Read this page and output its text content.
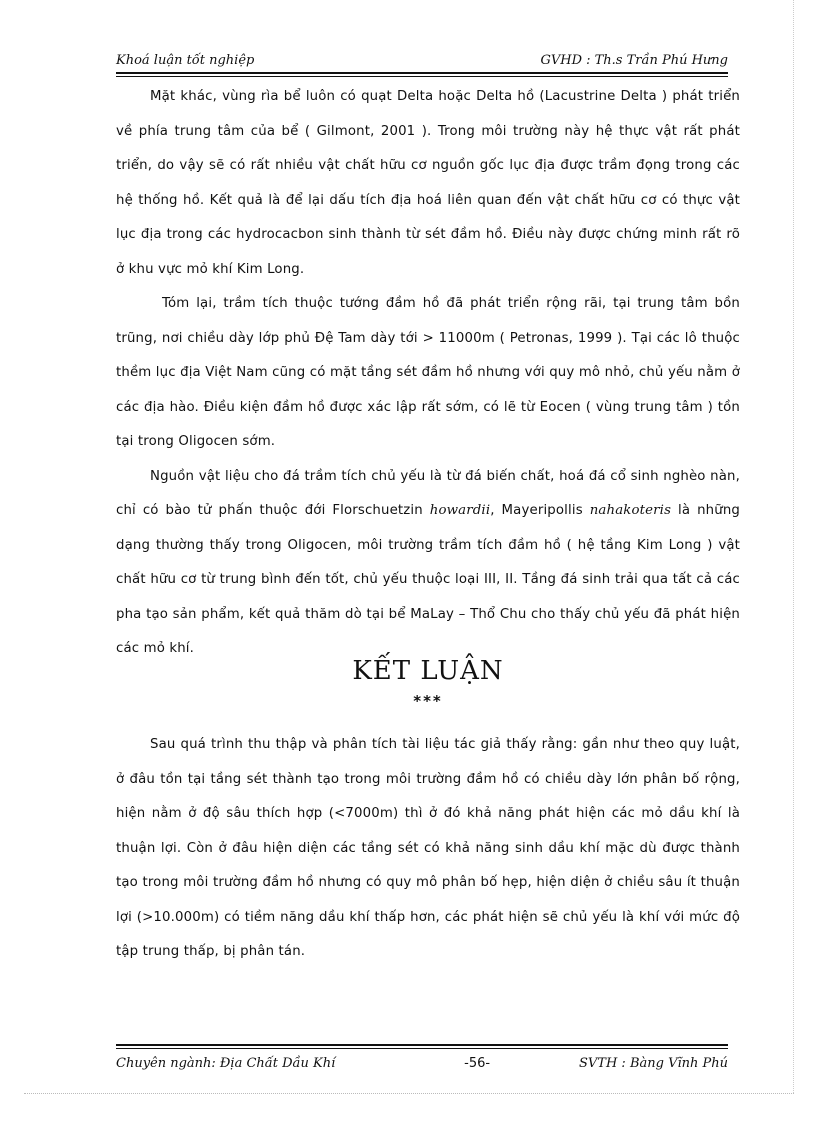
Khoá luận tốt nghiệp	GVHD : Th.s Trần Phú Hưng

Mặt khác, vùng rìa bể luôn có quạt Delta hoặc Delta hồ (Lacustrine Delta ) phát triển về phía trung tâm của bể ( Gilmont, 2001 ). Trong môi trường này hệ thực vật rất phát triển, do vậy sẽ có rất nhiều vật chất hữu cơ nguồn gốc lục địa được trầm đọng trong các hệ thống hồ. Kết quả là để lại dấu tích địa hoá liên quan đến vật chất hữu cơ có thực vật lục địa trong các hydrocacbon sinh thành từ sét đầm hồ. Điều này được chứng minh rất rõ ở khu vực mỏ khí Kim Long.

Tóm lại, trầm tích thuộc tướng đầm hồ đã phát triển rộng rãi, tại trung tâm bồn trũng, nơi chiều dày lớp phủ Đệ Tam dày tới > 11000m ( Petronas, 1999 ). Tại các lô thuộc thềm lục địa Việt Nam cũng có mặt tầng sét đầm hồ nhưng với quy mô nhỏ, chủ yếu nằm ở các địa hào. Điều kiện đầm hồ được xác lập rất sớm, có lẽ từ Eocen ( vùng trung tâm ) tồn tại trong Oligocen sớm.

Nguồn vật liệu cho đá trầm tích chủ yếu là từ đá biến chất, hoá đá cổ sinh nghèo nàn, chỉ có bào tử phấn thuộc đới Florschuetzin howardii, Mayeripollis nahakoteris là những dạng thường thấy trong Oligocen, môi trường trầm tích đầm hồ ( hệ tầng Kim Long ) vật chất hữu cơ từ trung bình đến tốt, chủ yếu thuộc loại III, II. Tầng đá sinh trải qua tất cả các pha tạo sản phẩm, kết quả thăm dò tại bể MaLay – Thổ Chu cho thấy chủ yếu đã phát hiện các mỏ khí.

KẾT LUẬN
***

Sau quá trình thu thập và phân tích tài liệu tác giả thấy rằng: gần như theo quy luật, ở đâu tồn tại tầng sét thành tạo trong môi trường đầm hồ có chiều dày lớn phân bố rộng, hiện nằm ở độ sâu thích hợp (<7000m) thì ở đó khả năng phát hiện các mỏ dầu khí là thuận lợi. Còn ở đâu hiện diện các tầng sét có khả năng sinh dầu khí mặc dù được thành tạo trong môi trường đầm hồ nhưng có quy mô phân bố hẹp, hiện diện ở chiều sâu ít thuận lợi (>10.000m) có tiềm năng dầu khí thấp hơn, các phát hiện sẽ chủ yếu là khí với mức độ tập trung thấp, bị phân tán.

Chuyên ngành: Địa Chất Dầu Khí	-56-	SVTH : Bàng Vĩnh Phú
